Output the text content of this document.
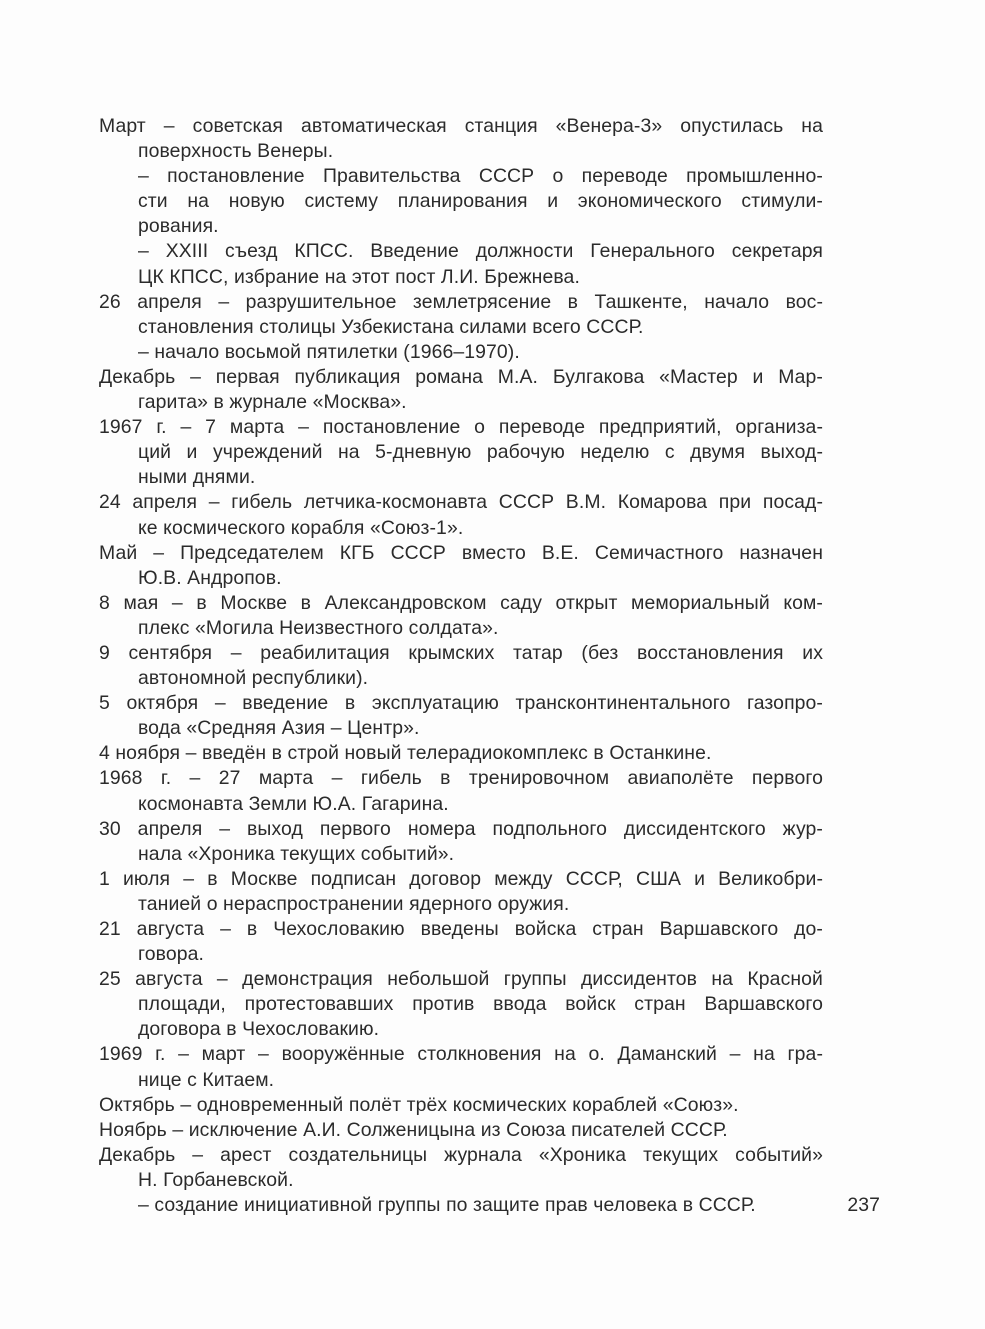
Март – советская автоматическая станция «Венера-3» опустилась на
поверхность Венеры.
– постановление Правительства СССР о переводе промышленно-
сти на новую систему планирования и экономического стимули-
рования.
– XXIII съезд КПСС. Введение должности Генерального секретаря
ЦК КПСС, избрание на этот пост Л.И. Брежнева.
26 апреля – разрушительное землетрясение в Ташкенте, начало вос-
становления столицы Узбекистана силами всего СССР.
– начало восьмой пятилетки (1966–1970).
Декабрь – первая публикация романа М.А. Булгакова «Мастер и Мар-
гарита» в журнале «Москва».
1967 г. – 7 марта – постановление о переводе предприятий, организа-
ций и учреждений на 5-дневную рабочую неделю с двумя выход-
ными днями.
24 апреля – гибель летчика-космонавта СССР В.М. Комарова при посад-
ке космического корабля «Союз-1».
Май – Председателем КГБ СССР вместо В.Е. Семичастного назначен
Ю.В. Андропов.
8 мая – в Москве в Александровском саду открыт мемориальный ком-
плекс «Могила Неизвестного солдата».
9 сентября – реабилитация крымских татар (без восстановления их
автономной республики).
5 октября – введение в эксплуатацию трансконтинентального газопро-
вода «Средняя Азия – Центр».
4 ноября – введён в строй новый телерадиокомплекс в Останкине.
1968 г. – 27 марта – гибель в тренировочном авиаполёте первого
космонавта Земли Ю.А. Гагарина.
30 апреля – выход первого номера подпольного диссидентского жур-
нала «Хроника текущих событий».
1 июля – в Москве подписан договор между СССР, США и Великобри-
танией о нераспространении ядерного оружия.
21 августа – в Чехословакию введены войска стран Варшавского до-
говора.
25 августа – демонстрация небольшой группы диссидентов на Красной
площади, протестовавших против ввода войск стран Варшавского
договора в Чехословакию.
1969 г. – март – вооружённые столкновения на о. Даманский – на гра-
нице с Китаем.
Октябрь – одновременный полёт трёх космических кораблей «Союз».
Ноябрь – исключение А.И. Солженицына из Союза писателей СССР.
Декабрь – арест создательницы журнала «Хроника текущих событий»
Н. Горбаневской.
– создание инициативной группы по защите прав человека в СССР.	237
